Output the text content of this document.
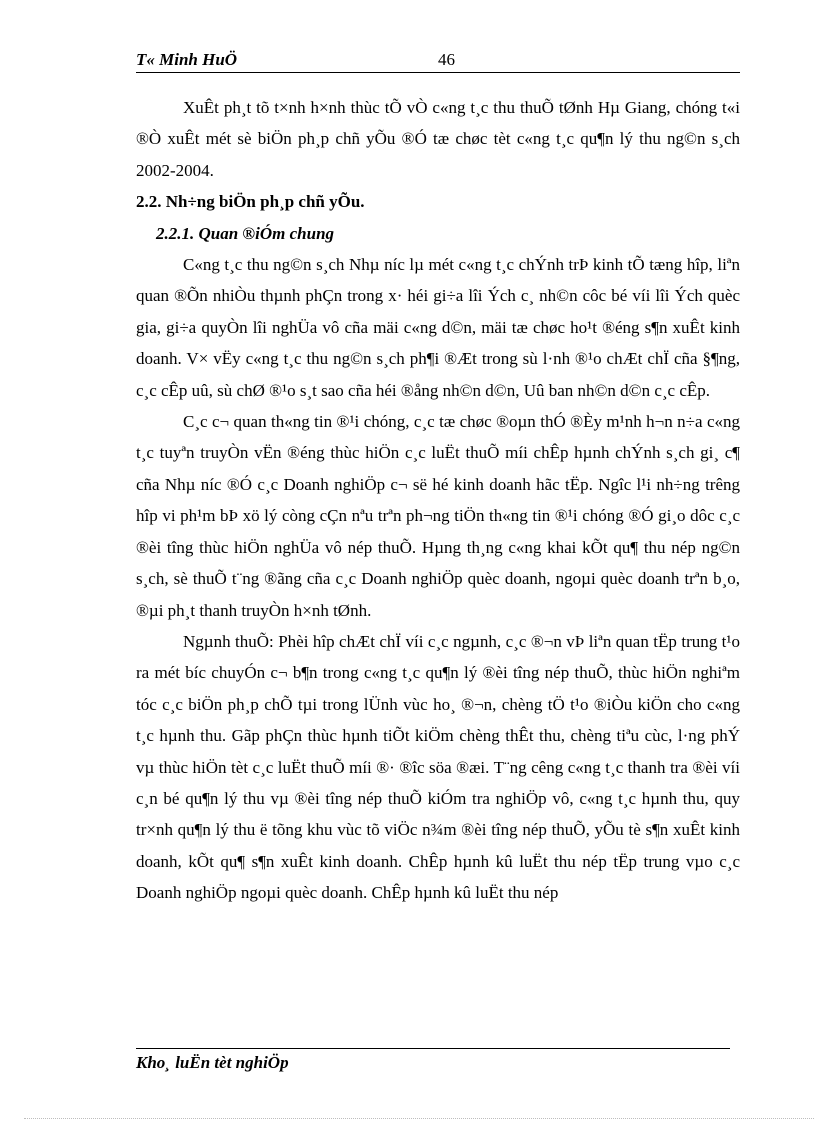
T« Minh HuÖ	46

XuÊt ph¸t tõ t×nh h×nh thùc tÕ vÒ c«ng t¸c thu thuÕ tØnh Hµ Giang, chóng t«i ®Ò xuÊt mét sè biÖn ph¸p chñ yÕu ®Ó tæ chøc tèt c«ng t¸c qu¶n lý thu ng©n s¸ch 2002-2004.

2.2. Nh÷ng biÖn ph¸p chñ yÕu.

2.2.1. Quan ®iÓm chung

C«ng t¸c thu ng©n s¸ch Nhµ níc lµ mét c«ng t¸c chÝnh trÞ kinh tÕ tæng hîp, liªn quan ®Õn nhiÒu thµnh phÇn trong x· héi gi÷a lîi Ých c¸ nh©n côc bé víi lîi Ých quèc gia, gi÷a quyÒn lîi nghÜa vô cña mäi c«ng d©n, mäi tæ chøc ho¹t ®éng s¶n xuÊt kinh doanh. V× vËy c«ng t¸c thu ng©n s¸ch ph¶i ®Æt trong sù l·nh ®¹o chÆt chÏ cña §¶ng, c¸c cÊp uû, sù chØ ®¹o s¸t sao cña héi ®ång nh©n d©n, Uû ban nh©n d©n c¸c cÊp.

C¸c c¬ quan th«ng tin ®¹i chóng, c¸c tæ chøc ®oµn thÓ ®Èy m¹nh h¬n n÷a c«ng t¸c tuyªn truyÒn vËn ®éng thùc hiÖn c¸c luËt thuÕ míi chÊp hµnh chÝnh s¸ch gi¸ c¶ cña Nhµ níc ®Ó c¸c Doanh nghiÖp c¬ së hé kinh doanh hãc tËp. Ngîc l¹i nh÷ng trêng hîp vi ph¹m bÞ xö lý còng cÇn nªu trªn ph¬ng tiÖn th«ng tin ®¹i chóng ®Ó gi¸o dôc c¸c ®èi tîng thùc hiÖn nghÜa vô nép thuÕ. Hµng th¸ng c«ng khai kÕt qu¶ thu nép ng©n s¸ch, sè thuÕ t¨ng ®ãng cña c¸c Doanh nghiÖp quèc doanh, ngoµi quèc doanh trªn b¸o, ®µi ph¸t thanh truyÒn h×nh tØnh.

Ngµnh thuÕ: Phèi hîp chÆt chÏ víi c¸c ngµnh, c¸c ®¬n vÞ liªn quan tËp trung t¹o ra mét bíc chuyÓn c¬ b¶n trong c«ng t¸c qu¶n lý ®èi tîng nép thuÕ, thùc hiÖn nghiªm tóc c¸c biÖn ph¸p chÕ tµi trong lÜnh vùc ho¸ ®¬n, chèng tÖ t¹o ®iÒu kiÖn cho c«ng t¸c hµnh thu. Gãp phÇn thùc hµnh tiÕt kiÖm chèng thÊt thu, chèng tiªu cùc, l·ng phÝ vµ thùc hiÖn tèt c¸c luËt thuÕ míi ®· ®îc söa ®æi. T¨ng cêng c«ng t¸c thanh tra ®èi víi c¸n bé qu¶n lý thu vµ ®èi tîng nép thuÕ kiÓm tra nghiÖp vô, c«ng t¸c hµnh thu, quy tr×nh qu¶n lý thu ë tõng khu vùc tõ viÖc n¾m ®èi tîng nép thuÕ, yÕu tè s¶n xuÊt kinh doanh, kÕt qu¶ s¶n xuÊt kinh doanh. ChÊp hµnh kû luËt thu nép tËp trung vµo c¸c Doanh nghiÖp ngoµi quèc doanh. ChÊp hµnh kû luËt thu nép

Kho¸ luËn tèt nghiÖp
